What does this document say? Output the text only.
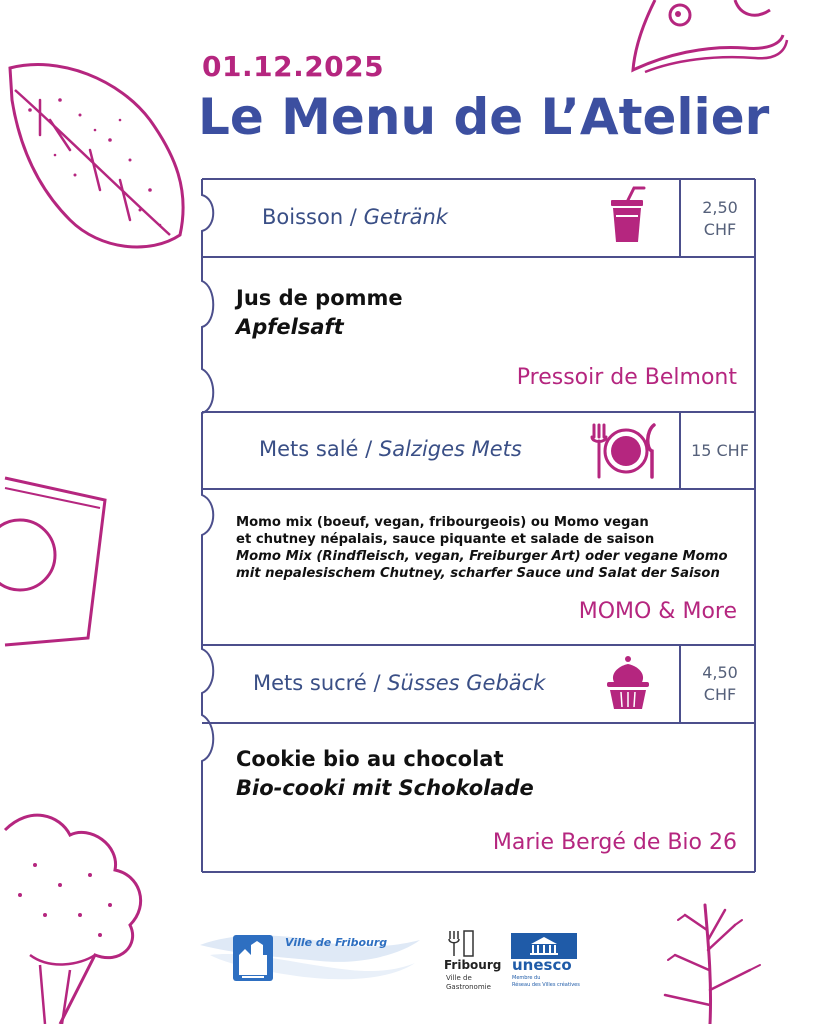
01.12.2025
Le Menu de L’Atelier
Boisson / Getränk	2,50
CHF
Jus de pomme
Apfelsaft
Pressoir de Belmont
Mets salé / Salziges Mets	15 CHF
Momo mix (boeuf, vegan, fribourgeois) ou Momo vegan
et chutney népalais, sauce piquante et salade de saison
Momo Mix (Rindfleisch, vegan, Freiburger Art) oder vegane Momo
mit nepalesischem Chutney, scharfer Sauce und Salat der Saison
MOMO & More
Mets sucré / Süsses Gebäck	4,50
CHF
Cookie bio au chocolat
Bio-cooki mit Schokolade
Marie Bergé de Bio 26
Ville de Fribourg
Fribourg
Ville de
Gastronomie
unesco
Membre du
Réseau des Villes créatives
